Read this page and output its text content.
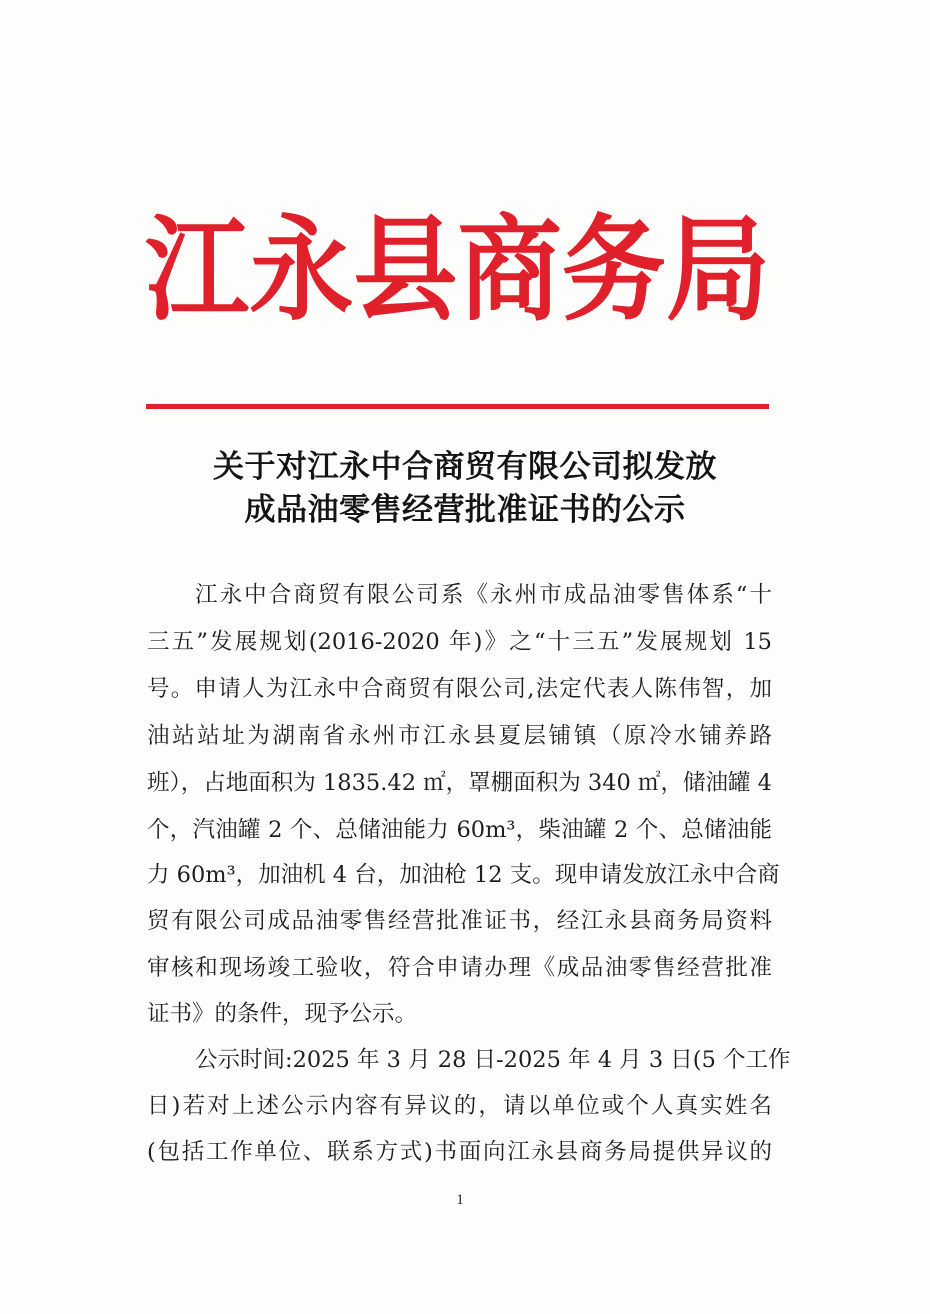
江 永 县 商 务 局
关于对江永中合商贸有限公司拟发放
成品油零售经营批准证书的公示
江永中合商贸有限公司系《永州市成品油零售体系“十
三五”发展规划(2016-2020 年)》之“十三五”发展规划 15
号。申请人为江永中合商贸有限公司,法定代表人陈伟智，加
油站站址为湖南省永州市江永县夏层铺镇（原冷水铺养路
班），占地面积为 1835.42 ㎡，罩棚面积为 340 ㎡，储油罐 4
个，汽油罐 2 个、总储油能力 60m³，柴油罐 2 个、总储油能
力 60m³，加油机 4 台，加油枪 12 支。现申请发放江永中合商
贸有限公司成品油零售经营批准证书，经江永县商务局资料
审核和现场竣工验收，符合申请办理《成品油零售经营批准
证书》的条件，现予公示。
公示时间:2025 年 3 月 28 日-2025 年 4 月 3 日(5 个工作
日)若对上述公示内容有异议的，请以单位或个人真实姓名
(包括工作单位、联系方式)书面向江永县商务局提供异议的
1
